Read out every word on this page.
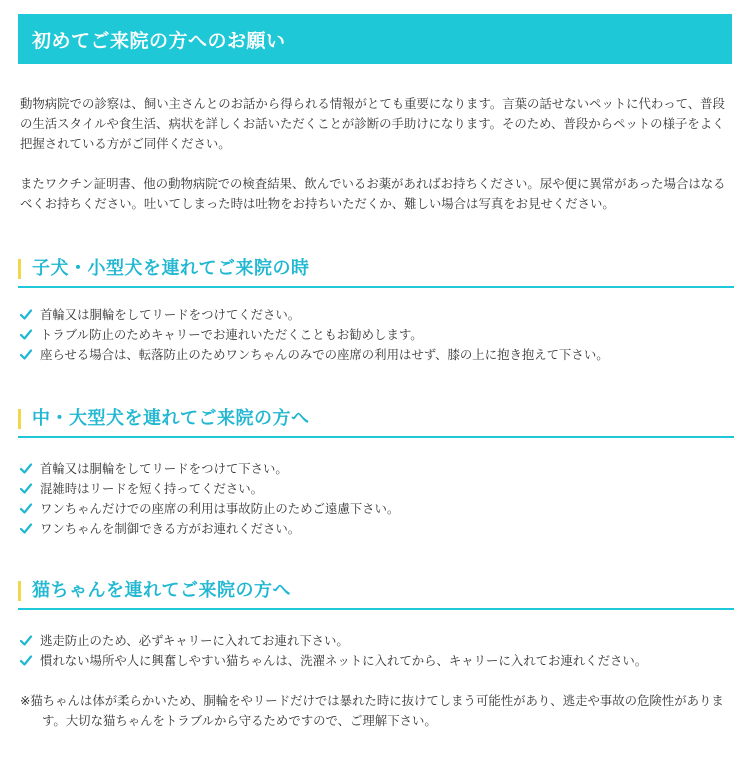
初めてご来院の方へのお願い

動物病院での診察は、飼い主さんとのお話から得られる情報がとても重要になります。言葉の話せないペットに代わって、普段の生活スタイルや食生活、病状を詳しくお話いただくことが診断の手助けになります。そのため、普段からペットの様子をよく把握されている方がご同伴ください。

またワクチン証明書、他の動物病院での検査結果、飲んでいるお薬があればお持ちください。尿や便に異常があった場合はなるべくお持ちください。吐いてしまった時は吐物をお持ちいただくか、難しい場合は写真をお見せください。

子犬・小型犬を連れてご来院の時
首輪又は胴輪をしてリードをつけてください。
トラブル防止のためキャリーでお連れいただくこともお勧めします。
座らせる場合は、転落防止のためワンちゃんのみでの座席の利用はせず、膝の上に抱き抱えて下さい。
中・大型犬を連れてご来院の方へ
首輪又は胴輪をしてリードをつけて下さい。
混雑時はリードを短く持ってください。
ワンちゃんだけでの座席の利用は事故防止のためご遠慮下さい。
ワンちゃんを制御できる方がお連れください。
猫ちゃんを連れてご来院の方へ
逃走防止のため、必ずキャリーに入れてお連れ下さい。
慣れない場所や人に興奮しやすい猫ちゃんは、洗濯ネットに入れてから、キャリーに入れてお連れください。

※猫ちゃんは体が柔らかいため、胴輪をやリードだけでは暴れた時に抜けてしまう可能性があり、逃走や事故の危険性があります。大切な猫ちゃんをトラブルから守るためですので、ご理解下さい。
